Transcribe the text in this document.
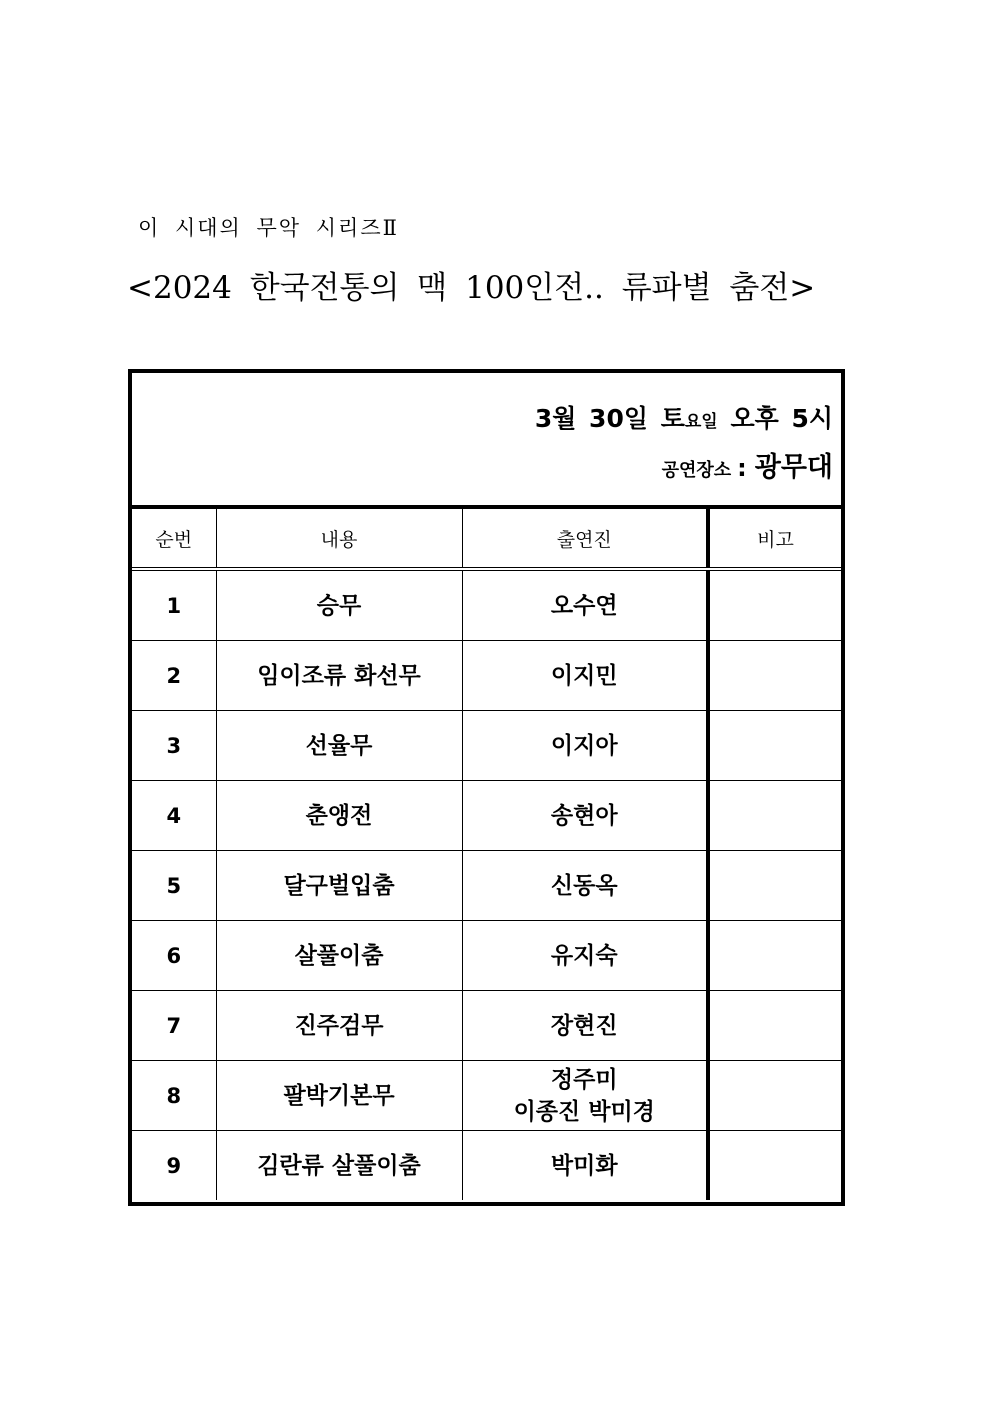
이 시대의 무악 시리즈Ⅱ
<2024 한국전통의 맥 100인전.. 류파별 춤전>
3월 30일 토요일 오후 5시
공연장소 : 광무대
순번	내용	출연진	비고
1	승무	오수연	

2	임이조류 화선무	이지민	

3	선율무	이지아	

4	춘앵전	송현아	

5	달구벌입춤	신동옥	

6	살풀이춤	유지숙	

7	진주검무	장현진	

8	팔박기본무	정주미
이종진 박미경	

9	김란류 살풀이춤	박미화	
